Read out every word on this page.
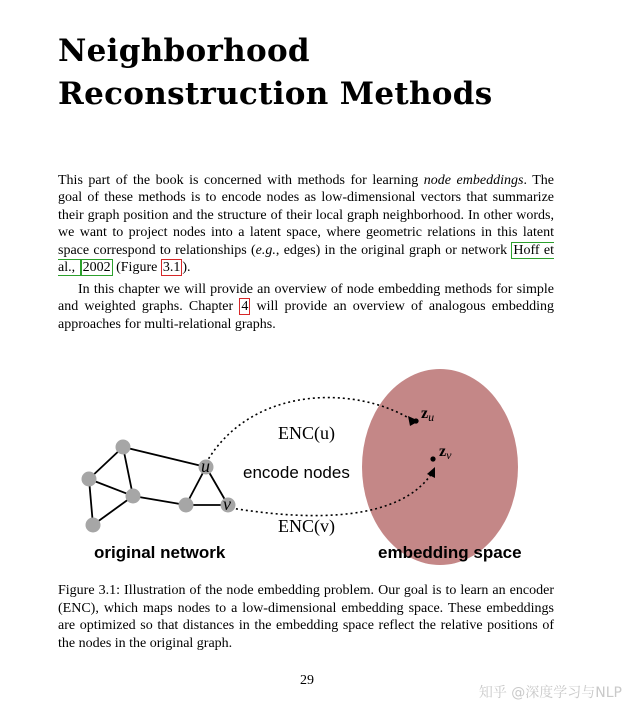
Neighborhood
Reconstruction Methods

This part of the book is concerned with methods for learning node embeddings. The goal of these methods is to encode nodes as low-dimensional vectors that summarize their graph position and the structure of their local graph neighborhood. In other words, we want to project nodes into a latent space, where geometric relations in this latent space correspond to relationships (e.g., edges) in the original graph or network Hoff et al., 2002 (Figure 3.1 ).

In this chapter we will provide an overview of node embedding methods for simple and weighted graphs. Chapter 4 will provide an overview of analogous embedding approaches for multi-relational graphs.

u
v
zu
zv
ENC(u)
encode nodes
ENC(v)
original network	embedding space

Figure 3.1: Illustration of the node embedding problem. Our goal is to learn an encoder (ENC), which maps nodes to a low-dimensional embedding space. These embeddings are optimized so that distances in the embedding space reflect the relative positions of the nodes in the original graph.

29
知乎 @深度学习与NLP
